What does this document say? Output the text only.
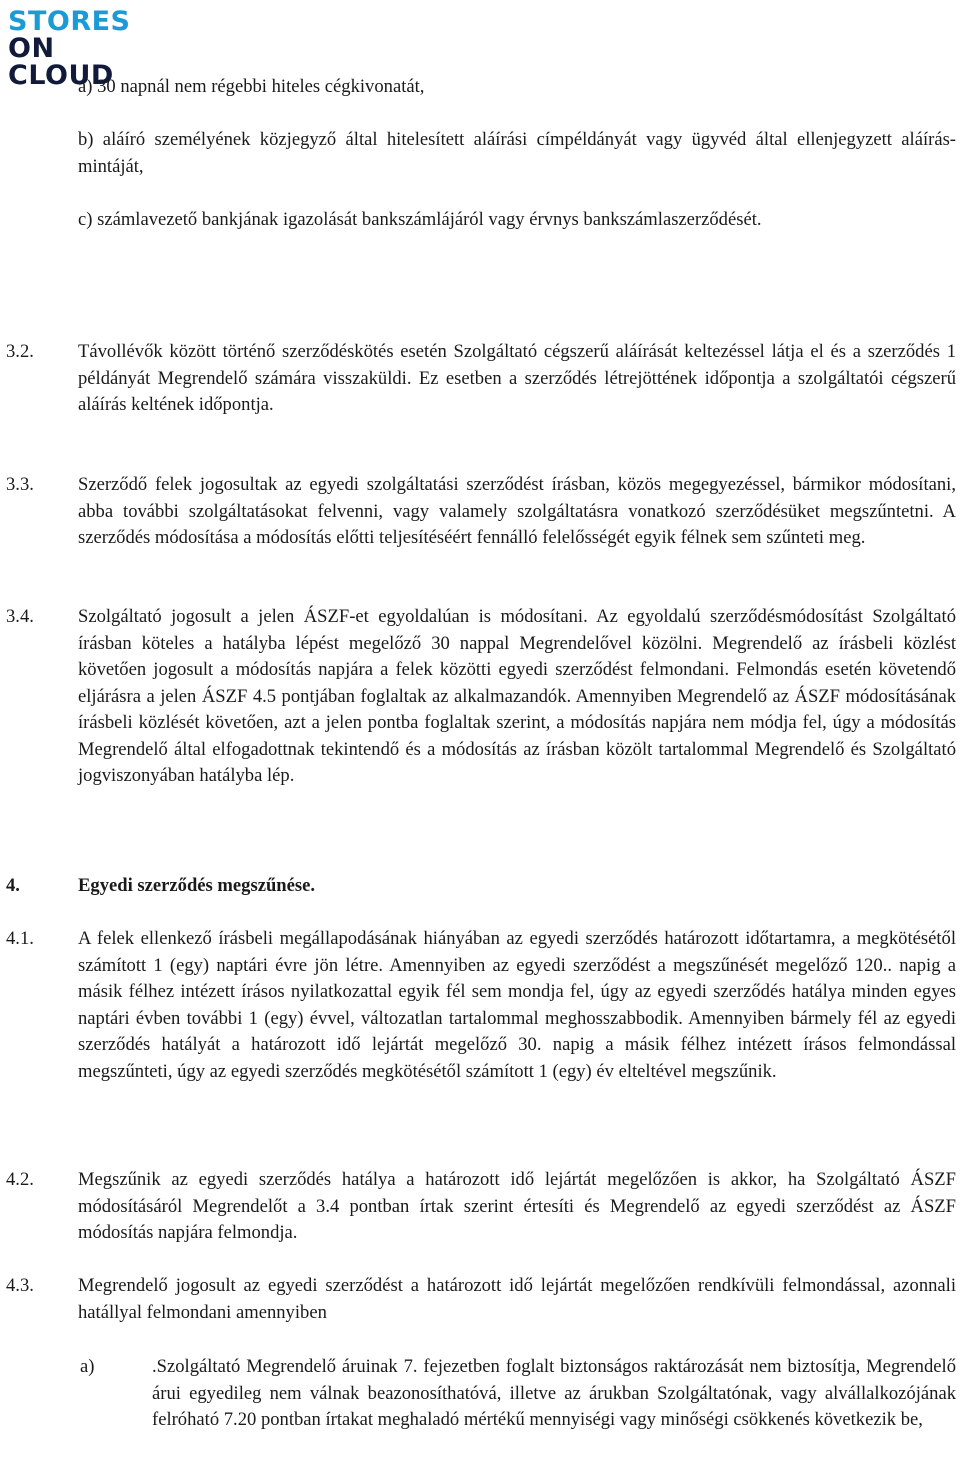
STORES
ON CLOUD

a) 30 napnál nem régebbi hiteles cégkivonatát,

b) aláíró személyének közjegyző által hitelesített aláírási címpéldányát vagy ügyvéd által ellenjegyzett aláírás-mintáját,

c) számlavezető bankjának igazolását bankszámlájáról vagy érvnys bankszámlaszerződését.

3.2. Távollévők között történő szerződéskötés esetén Szolgáltató cégszerű aláírását keltezéssel látja el és a szerződés 1 példányát Megrendelő számára visszaküldi. Ez esetben a szerződés létrejöttének időpontja a szolgáltatói cégszerű aláírás keltének időpontja.

3.3. Szerződő felek jogosultak az egyedi szolgáltatási szerződést írásban, közös megegyezéssel, bármikor módosítani, abba további szolgáltatásokat felvenni, vagy valamely szolgáltatásra vonatkozó szerződésüket megszűntetni. A szerződés módosítása a módosítás előtti teljesítéséért fennálló felelősségét egyik félnek sem szűnteti meg.

3.4. Szolgáltató jogosult a jelen ÁSZF-et egyoldalúan is módosítani. Az egyoldalú szerződésmódosítást Szolgáltató írásban köteles a hatályba lépést megelőző 30 nappal Megrendelővel közölni. Megrendelő az írásbeli közlést követően jogosult a módosítás napjára a felek közötti egyedi szerződést felmondani. Felmondás esetén követendő eljárásra a jelen ÁSZF 4.5 pontjában foglaltak az alkalmazandók. Amennyiben Megrendelő az ÁSZF módosításának írásbeli közlését követően, azt a jelen pontba foglaltak szerint, a módosítás napjára nem módja fel, úgy a módosítás Megrendelő által elfogadottnak tekintendő és a módosítás az írásban közölt tartalommal Megrendelő és Szolgáltató jogviszonyában hatályba lép.

4.	Egyedi szerződés megszűnése.

4.1. A felek ellenkező írásbeli megállapodásának hiányában az egyedi szerződés határozott időtartamra, a megkötésétől számított 1 (egy) naptári évre jön létre. Amennyiben az egyedi szerződést a megszűnését megelőző 120.. napig a másik félhez intézett írásos nyilatkozattal egyik fél sem mondja fel, úgy az egyedi szerződés hatálya minden egyes naptári évben további 1 (egy) évvel, változatlan tartalommal meghosszabbodik. Amennyiben bármely fél az egyedi szerződés hatályát a határozott idő lejártát megelőző 30. napig a másik félhez intézett írásos felmondással megszűnteti, úgy az egyedi szerződés megkötésétől számított 1 (egy) év elteltével megszűnik.

4.2. Megszűnik az egyedi szerződés hatálya a határozott idő lejártát megelőzően is akkor, ha Szolgáltató ÁSZF módosításáról Megrendelőt a 3.4 pontban írtak szerint értesíti és Megrendelő az egyedi szerződést az ÁSZF módosítás napjára felmondja.

4.3. Megrendelő jogosult az egyedi szerződést a határozott idő lejártát megelőzően rendkívüli felmondással, azonnali hatállyal felmondani amennyiben

a)	.Szolgáltató Megrendelő áruinak 7. fejezetben foglalt biztonságos raktározását nem biztosítja, Megrendelő árui egyedileg nem válnak beazonosíthatóvá, illetve az árukban Szolgáltatónak, vagy alvállalkozójának felróható 7.20 pontban írtakat meghaladó mértékű mennyiségi vagy minőségi csökkenés következik be,
